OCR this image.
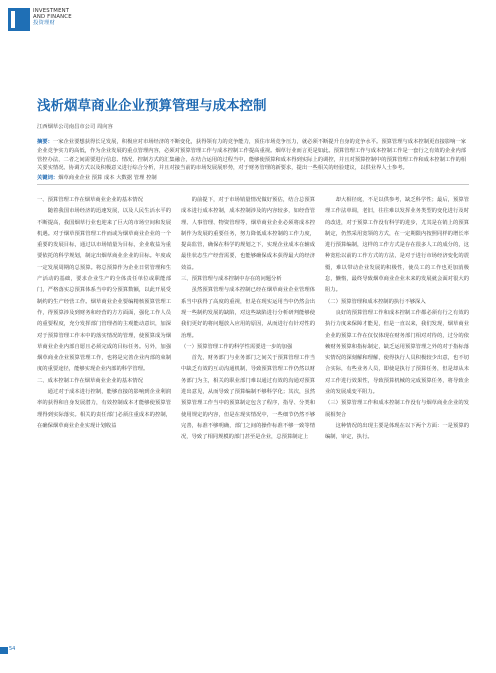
INVESTMENT
AND FINANCE
投资理财
浅析烟草商业企业预算管理与成本控制
江西烟草公司南昌市公司 周向容
摘要：一家企业要想获得长足发展，积极应对市场经济的不断变化，获得领有力的竞争能力，顶住市场竞争压力，就必须不断提升自身的竞争水平。预算管理与成本控制更直接影响一家企业竞争实力的高低，作为企业发展的重点管理内容，必须对预算管理工作与成本控制工作提高重视。烟草行业而言更是如此。预算管理工作与成本控制工作是一套行之有效的企业内部管控办法，二者之间需要进行信息、情况、控制方式的汇集融合，在结合运用的过程当中，能够使预算和成本得到实际上的调控，并且对预算控制中的预算管理工作和成本控制工作的相关要实情况、协调方式以及积极意义进行综合分析，并且对接当前的市场发展展形势，对于财务管理的新要求，提出一些相关的经验建议，以供业界人士参考。
关键词：烟草商业企业 预算 成本 大数据 管理 控制

一、预算管理工作在烟草商业企业的基本情况

随着我国市场经济的迅速发展，以及人民生活水平的不断提高，我国烟草行业也迎来了巨大的市场空间和发展机遇。对于烟草预算管理工作而或为烟草商业企业的一个重要的发展目标，通过以市场销量为目标，企业收益为重要依托的科学规划，制定出烟草商业企业的目标。年度或一定发展周期的总预算。将总预算作为企业日常管理和生产活动的基础，要求企业生产的全体责任单位或职能部门，严格落实总预算体系当中的分预算数额，以此开展受制约的生产经营工作。烟草商业企业要编精核预算管理工作，得预算涉及到财务和经营的方方面面，强化工作人员的重要程度，充分发挥部门管理者的主观能动意识，加深对于预算管理工作本中的落实情况的管理，使预算成为烟草商业企业内部自愿且必须完成的目标任务。另外，加强烟草商业企业预算管理工作，也将是完善企业内部的束制度的重要途径，能够实现企业内部的科学管理。

二、成本控制工作在烟草商业企业的基本情况

通过对于成本进行控制，能够直接的影响到企业利润率的获得和自身发展潜力，有效控制成本才能够使预算管理得到实际落实。相关的责任部门必须注重成本的控制，在确保烟草商业企业实现计划收益

的前提下，对于市场销量情况做好预估，结合总预算成本进行成本控制，成本控制涉及的内容较多，如经营管理、人事管理、物资管理等，烟草商业企业必须将成本控制作为发展的重要任务，努力降低成本控制的工作力度，提高监管，确保在科学的规划之下，实现企业成本在辅成最佳状态生产经营需要，也能够确保成本获得最大的经济效益。

三、预算管理与成本控制中存在的问题分析

虽然预算管理与成本控制已经在烟草商业企业管理体系当中获得了高度的重视，但是在现实运用当中仍然会出现一些制约发展的缺陷，对这些缺陷进行分析研判能够使我们更好的将问题放入应用的原因，从而进行有针对性的治理。

（一）预算管理工作的科学性需要进一步的加强

首先，财务部门与业务部门之间关于预算管理工作当中缺乏有效的互动沟通机制，导致预算管理工作仍然以财务部门为主，相关的职业部门难以通过有效的沟通对预算进出意见，从而导致了预算编制不够科学化；其次，虽然预算管理工作当中的预算制定包含了程序，指导、分类和使用规定的内容，但是在现实情况中，一些细节仍然不够完善，标准不够明确，部门之间的操作标准不够一致等情况，导致了相同规模的部门甚至是企业，总预算制定上

却大相径庭，不足以供参考，缺乏科学性；最后，预算管理工作法单调，老旧，往往难以发挥业务类型的变化进行及时的改进，对于预算工作没有科学的进步，尤其是在销上的预算制定，仍然采用宽领的方式，在一定期限内按照同样的增长率进行预算编制，这样的工作方式是存在很多人工的成分的，这种宽松以前的工作方式的方法，是对于进行市场经济变化的震慑，难以带动企业发展的积极性，使员工的工作也更加消极怠，懒惰，最终导致烟草商业企业未来的发展就会面对很大的阻力。

（二）预算管理和成本控制的执行不够深入

良好的预算管理工作和成本控制工作都必须有行之有效的执行力度来保障才能见，但是一直以来，我们发现，烟草商业企业的预算工作在仅仅体现在财务部门相对对待的，过分的依赖财务预算和指标制定，缺乏运用预算管理之外的对于指标落实情况的深刻解和理解，使得执行人员积极较少出意，也不切合实际，有些业务人员，即使是执行了预算任务，但是却从未对工作进行效果性，导致预算机械的完成预算任务，将导致企业的发展成变平阻力。

（三）预算管理工作和成本控制工作没有与烟草商业企业的发展相契合

这种情况的出现主要是体现在以下两个方面：一是预算的编制，审定，执行。

54
